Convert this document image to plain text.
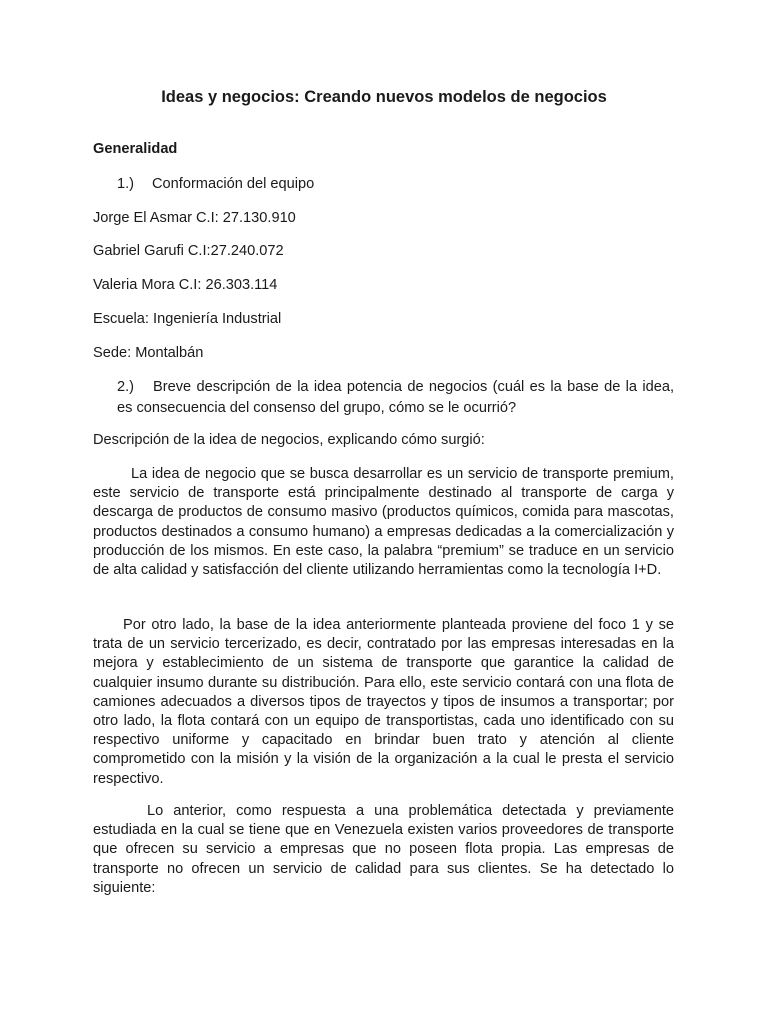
Ideas y negocios: Creando nuevos modelos de negocios
Generalidad
1.) Conformación del equipo
Jorge El Asmar C.I: 27.130.910
Gabriel Garufi C.I:27.240.072
Valeria Mora C.I: 26.303.114
Escuela: Ingeniería Industrial
Sede: Montalbán
2.) Breve descripción de la idea potencia de negocios (cuál es la base de la idea, es consecuencia del consenso del grupo, cómo se le ocurrió?
Descripción de la idea de negocios, explicando cómo surgió:
La idea de negocio que se busca desarrollar es un servicio de transporte premium, este servicio de transporte está principalmente destinado al transporte de carga y descarga de productos de consumo masivo (productos químicos, comida para mascotas, productos destinados a consumo humano) a empresas dedicadas a la comercialización y producción de los mismos. En este caso, la palabra “premium” se traduce en un servicio de alta calidad y satisfacción del cliente utilizando herramientas como la tecnología I+D.
Por otro lado, la base de la idea anteriormente planteada proviene del foco 1 y se trata de un servicio tercerizado, es decir, contratado por las empresas interesadas en la mejora y establecimiento de un sistema de transporte que garantice la calidad de cualquier insumo durante su distribución. Para ello, este servicio contará con una flota de camiones adecuados a diversos tipos de trayectos y tipos de insumos a transportar; por otro lado, la flota contará con un equipo de transportistas, cada uno identificado con su respectivo uniforme y capacitado en brindar buen trato y atención al cliente comprometido con la misión y la visión de la organización a la cual le presta el servicio respectivo.
Lo anterior, como respuesta a una problemática detectada y previamente estudiada en la cual se tiene que en Venezuela existen varios proveedores de transporte que ofrecen su servicio a empresas que no poseen flota propia. Las empresas de transporte no ofrecen un servicio de calidad para sus clientes. Se ha detectado lo siguiente:
